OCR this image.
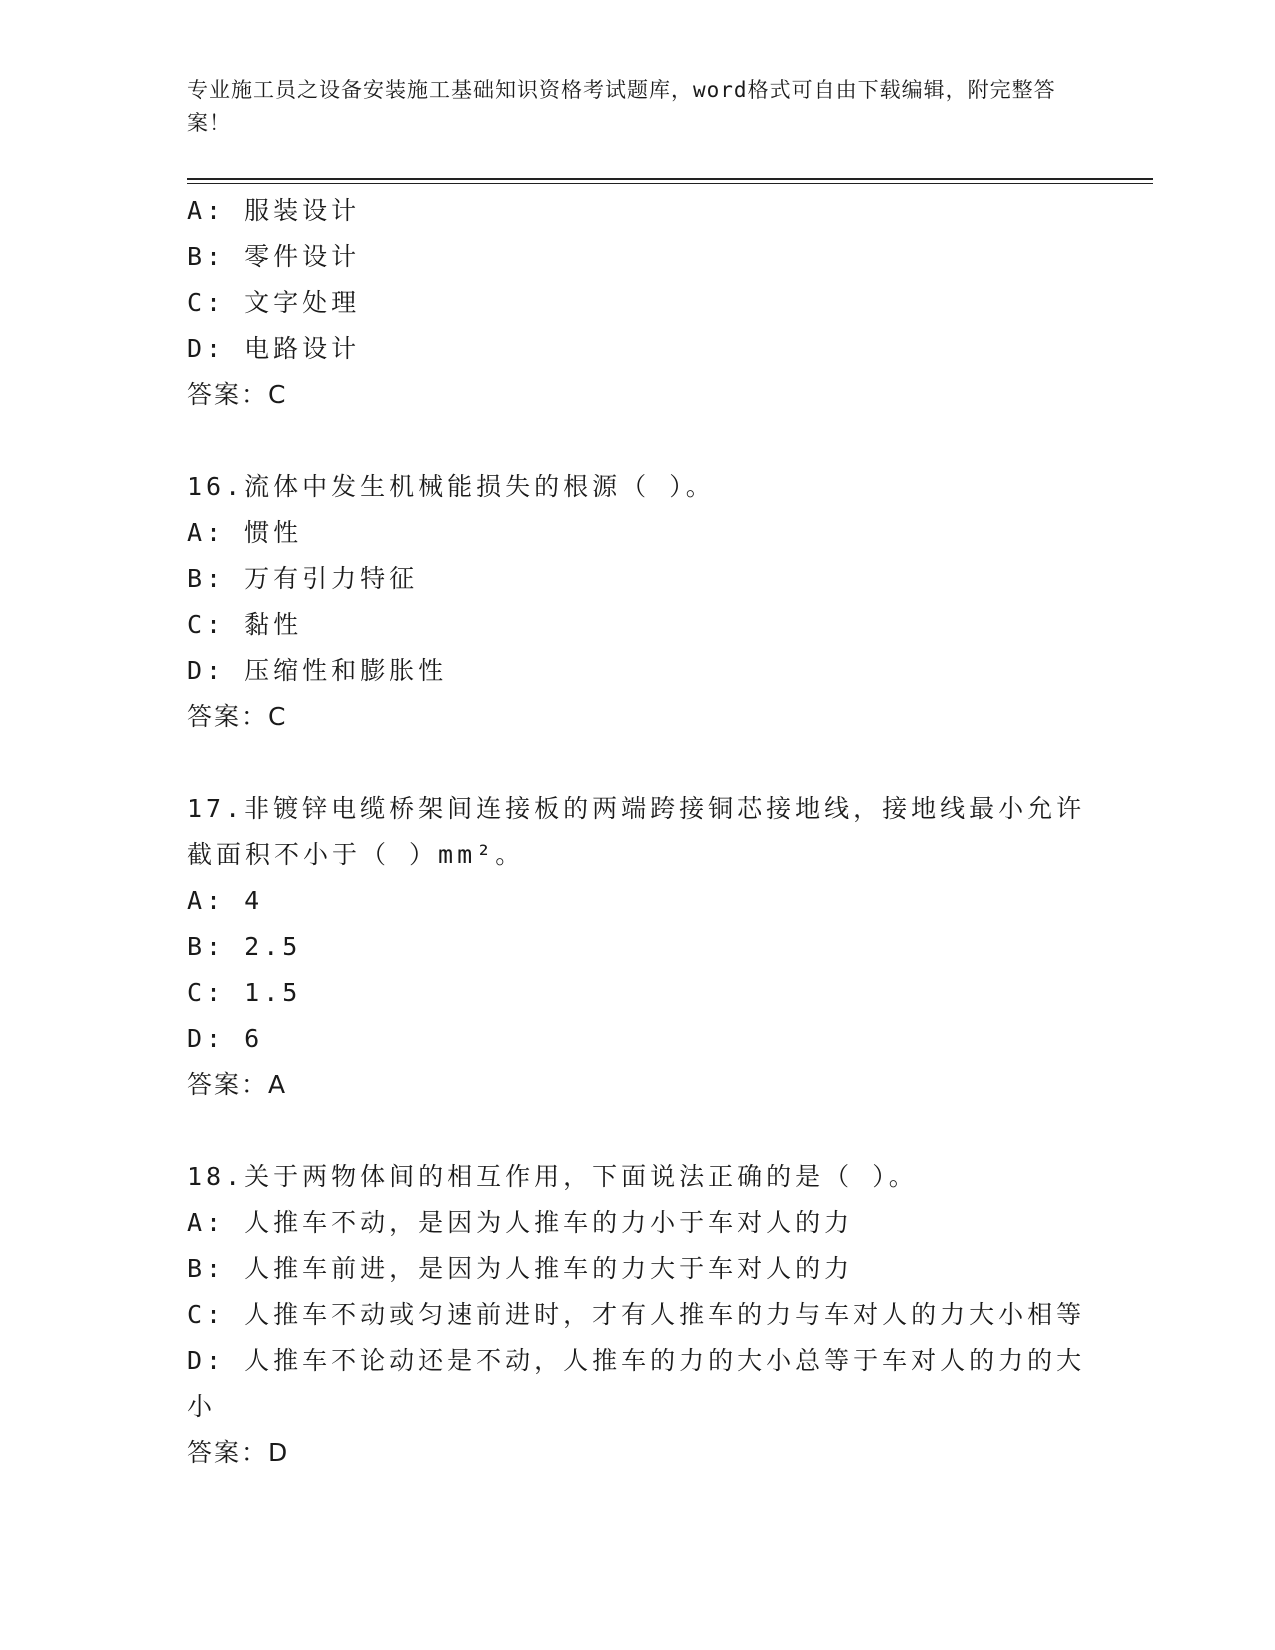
专业施工员之设备安装施工基础知识资格考试题库，word格式可自由下载编辑，附完整答案！
A: 服装设计
B: 零件设计
C: 文字处理
D: 电路设计
答案：C
16.流体中发生机械能损失的根源（ ）。
A: 惯性
B: 万有引力特征
C: 黏性
D: 压缩性和膨胀性
答案：C
17.非镀锌电缆桥架间连接板的两端跨接铜芯接地线，接地线最小允许
截面积不小于（ ）mm²。
A: 4
B: 2.5
C: 1.5
D: 6
答案：A
18.关于两物体间的相互作用，下面说法正确的是（ ）。
A: 人推车不动，是因为人推车的力小于车对人的力
B: 人推车前进，是因为人推车的力大于车对人的力
C: 人推车不动或匀速前进时，才有人推车的力与车对人的力大小相等
D: 人推车不论动还是不动，人推车的力的大小总等于车对人的力的大
小
答案：D
